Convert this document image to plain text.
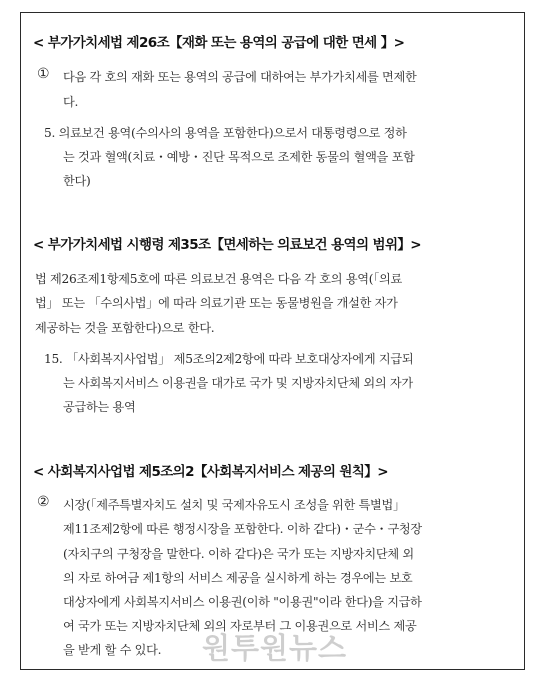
< 부가가치세법 제26조【재화 또는 용역의 공급에 대한 면세 】>
① 다음 각 호의 재화 또는 용역의 공급에 대하여는 부가가치세를 면제한
다.
5. 의료보건 용역(수의사의 용역을 포함한다)으로서 대통령령으로 정하
는 것과 혈액(치료・예방・진단 목적으로 조제한 동물의 혈액을 포함
한다)
< 부가가치세법 시행령 제35조【면세하는 의료보건 용역의 범위】>
법 제26조제1항제5호에 따른 의료보건 용역은 다음 각 호의 용역(「의료
법」 또는 「수의사법」에 따라 의료기관 또는 동물병원을 개설한 자가
제공하는 것을 포함한다)으로 한다.
15. 「사회복지사업법」 제5조의2제2항에 따라 보호대상자에게 지급되
는 사회복지서비스 이용권을 대가로 국가 및 지방자치단체 외의 자가
공급하는 용역
< 사회복지사업법 제5조의2【사회복지서비스 제공의 원칙】>
② 시장(「제주특별자치도 설치 및 국제자유도시 조성을 위한 특별법」
제11조제2항에 따른 행정시장을 포함한다. 이하 같다)・군수・구청장
(자치구의 구청장을 말한다. 이하 같다)은 국가 또는 지방자치단체 외
의 자로 하여금 제1항의 서비스 제공을 실시하게 하는 경우에는 보호
대상자에게 사회복지서비스 이용권(이하 "이용권"이라 한다)을 지급하
여 국가 또는 지방자치단체 외의 자로부터 그 이용권으로 서비스 제공
을 받게 할 수 있다. 원투원뉴스
